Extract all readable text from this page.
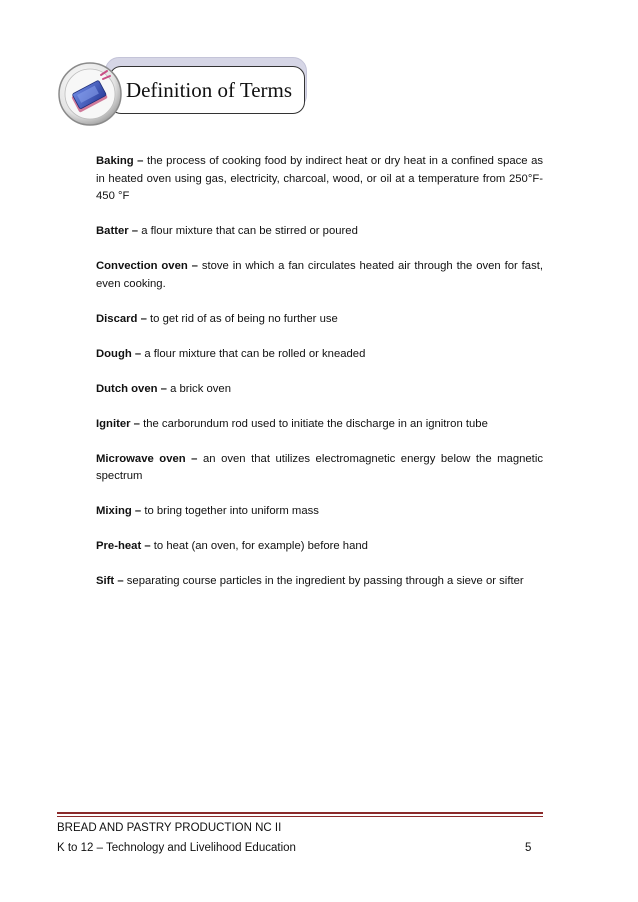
Definition of Terms

Baking – the process of cooking food by indirect heat or dry heat in a confined space as in heated oven using gas, electricity, charcoal, wood, or oil at a temperature from 250°F- 450 °F

Batter – a flour mixture that can be stirred or poured

Convection oven – stove in which a fan circulates heated air through the oven for fast, even cooking.

Discard – to get rid of as of being no further use

Dough – a flour mixture that can be rolled or kneaded

Dutch oven – a brick oven

Igniter – the carborundum rod used to initiate the discharge in an ignitron tube

Microwave oven – an oven that utilizes electromagnetic energy below the magnetic spectrum

Mixing – to bring together into uniform mass

Pre-heat – to heat (an oven, for example) before hand

Sift – separating course particles in the ingredient by passing through a sieve or sifter

BREAD AND PASTRY PRODUCTION NC II
K to 12 – Technology and Livelihood Education	5
